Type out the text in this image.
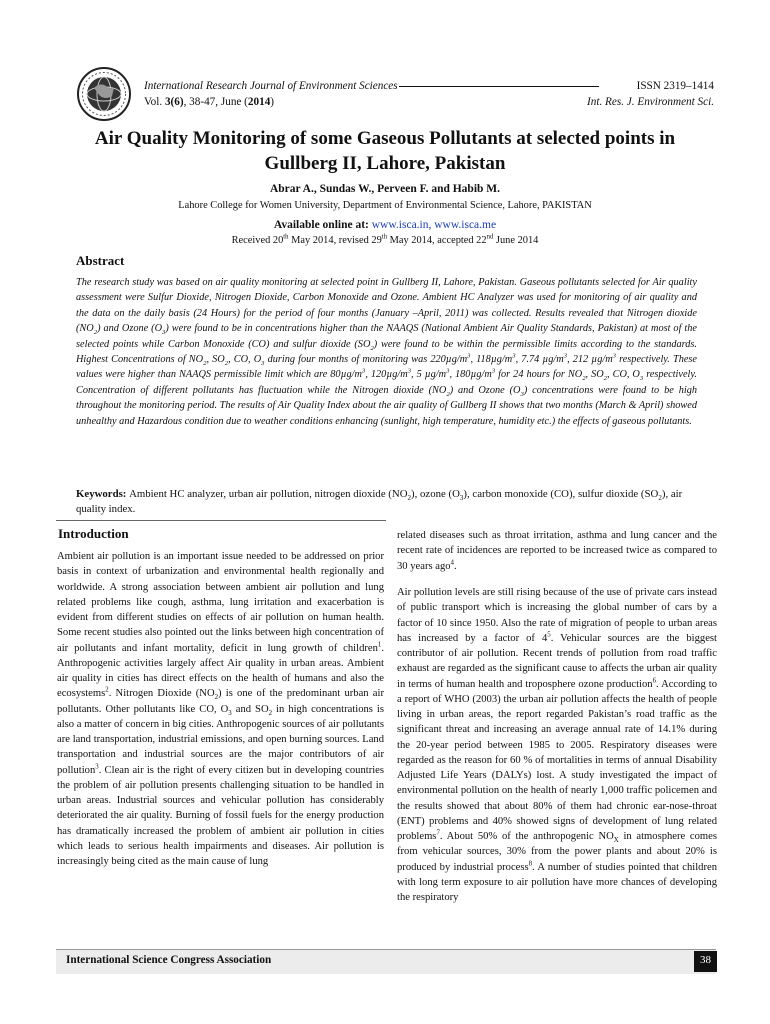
International Research Journal of Environment Sciences	ISSN 2319–1414
Vol. 3(6), 38-47, June (2014)	Int. Res. J. Environment Sci.
Air Quality Monitoring of some Gaseous Pollutants at selected points in
Gullberg II, Lahore, Pakistan
Abrar A., Sundas W., Perveen F. and Habib M.
Lahore College for Women University, Department of Environmental Science, Lahore, PAKISTAN
Available online at: www.isca.in, www.isca.me
Received 20th May 2014, revised 29th May 2014, accepted 22nd June 2014
Abstract
The research study was based on air quality monitoring at selected point in Gullberg II, Lahore, Pakistan. Gaseous pollutants selected for Air quality assessment were Sulfur Dioxide, Nitrogen Dioxide, Carbon Monoxide and Ozone. Ambient HC Analyzer was used for monitoring of air quality and the data on the daily basis (24 Hours) for the period of four months (January –April, 2011) was collected. Results revealed that Nitrogen dioxide $(NO_2)$ and Ozone $(O_3)$ were found to be in concentrations higher than the NAAQS (National Ambient Air Quality Standards, Pakistan) at most of the selected points while Carbon Monoxide (CO) and sulfur dioxide $(SO_2)$ were found to be within the permissible limits according to the standards. Highest Concentrations of $NO_2$, $SO_2$, CO, $O_3$ during four months of monitoring was $220\mu g/m^3$, $118\mu g/m^3$, 7.74 $\mu g/m^3$, 212 $\mu g/m^3$ respectively. These values were higher than NAAQS permissible limit which are $80\mu g/m^3$, $120\mu g/m^3$, 5 $\mu g/m^3$, $180\mu g/m^3$ for 24 hours for $NO_2$, $SO_2$, CO, $O_3$ respectively. Concentration of different pollutants has fluctuation while the Nitrogen dioxide $(NO_2)$ and Ozone $(O_3)$ concentrations were found to be high throughout the monitoring period. The results of Air Quality Index about the air quality of Gullberg II shows that two months (March & April) showed unhealthy and Hazardous condition due to weather conditions enhancing (sunlight, high temperature, humidity etc.) the effects of gaseous pollutants.
Keywords: Ambient HC analyzer, urban air pollution, nitrogen dioxide $(NO_2)$, ozone $(O_3)$, carbon monoxide (CO), sulfur dioxide $(SO_2)$, air quality index.
Introduction
Ambient air pollution is an important issue needed to be addressed on prior basis in context of urbanization and environmental health regionally and worldwide. A strong association between ambient air pollution and lung related problems like cough, asthma, lung irritation and exacerbation is evident from different studies on effects of air pollution on human health. Some recent studies also pointed out the links between high concentration of air pollutants and infant mortality, deficit in lung growth of children$^1$. Anthropogenic activities largely affect Air quality in urban areas. Ambient air quality in cities has direct effects on the health of humans and also the ecosystems$^2$. Nitrogen Dioxide $(NO_2)$ is one of the predominant urban air pollutants. Other pollutants like CO, $O_3$ and $SO_2$ in high concentrations is also a matter of concern in big cities. Anthropogenic sources of air pollutants are land transportation, industrial emissions, and open burning sources. Land transportation and industrial sources are the major contributors of air pollution$^3$. Clean air is the right of every citizen but in developing countries the problem of air pollution presents challenging situation to be handled in urban areas. Industrial sources and vehicular pollution has considerably deteriorated the air quality. Burning of fossil fuels for the energy production has dramatically increased the problem of ambient air pollution in cities which leads to serious health impairments and diseases. Air pollution is increasingly being cited as the main cause of lung
related diseases such as throat irritation, asthma and lung cancer and the recent rate of incidences are reported to be increased twice as compared to 30 years ago$^4$.
Air pollution levels are still rising because of the use of private cars instead of public transport which is increasing the global number of cars by a factor of 10 since 1950. Also the rate of migration of people to urban areas has increased by a factor of $4^5$. Vehicular sources are the biggest contributor of air pollution. Recent trends of pollution from road traffic exhaust are regarded as the significant cause to affects the urban air quality in terms of human health and troposphere ozone production$^6$. According to a report of WHO (2003) the urban air pollution affects the health of people living in urban areas, the report regarded Pakistan’s road traffic as the significant threat and increasing an average annual rate of 14.1% during the 20-year period between 1985 to 2005. Respiratory diseases were regarded as the reason for 60 % of mortalities in terms of annual Disability Adjusted Life Years (DALYs) lost. A study investigated the impact of environmental pollution on the health of nearly 1,000 traffic policemen and the results showed that about 80% of them had chronic ear-nose-throat (ENT) problems and 40% showed signs of development of lung related problems$^7$. About 50% of the anthropogenic $NO_X$ in atmosphere comes from vehicular sources, 30% from the power plants and about 20% is produced by industrial process$^8$. A number of studies pointed that children with long term exposure to air pollution have more chances of developing the respiratory
International Science Congress Association	38
